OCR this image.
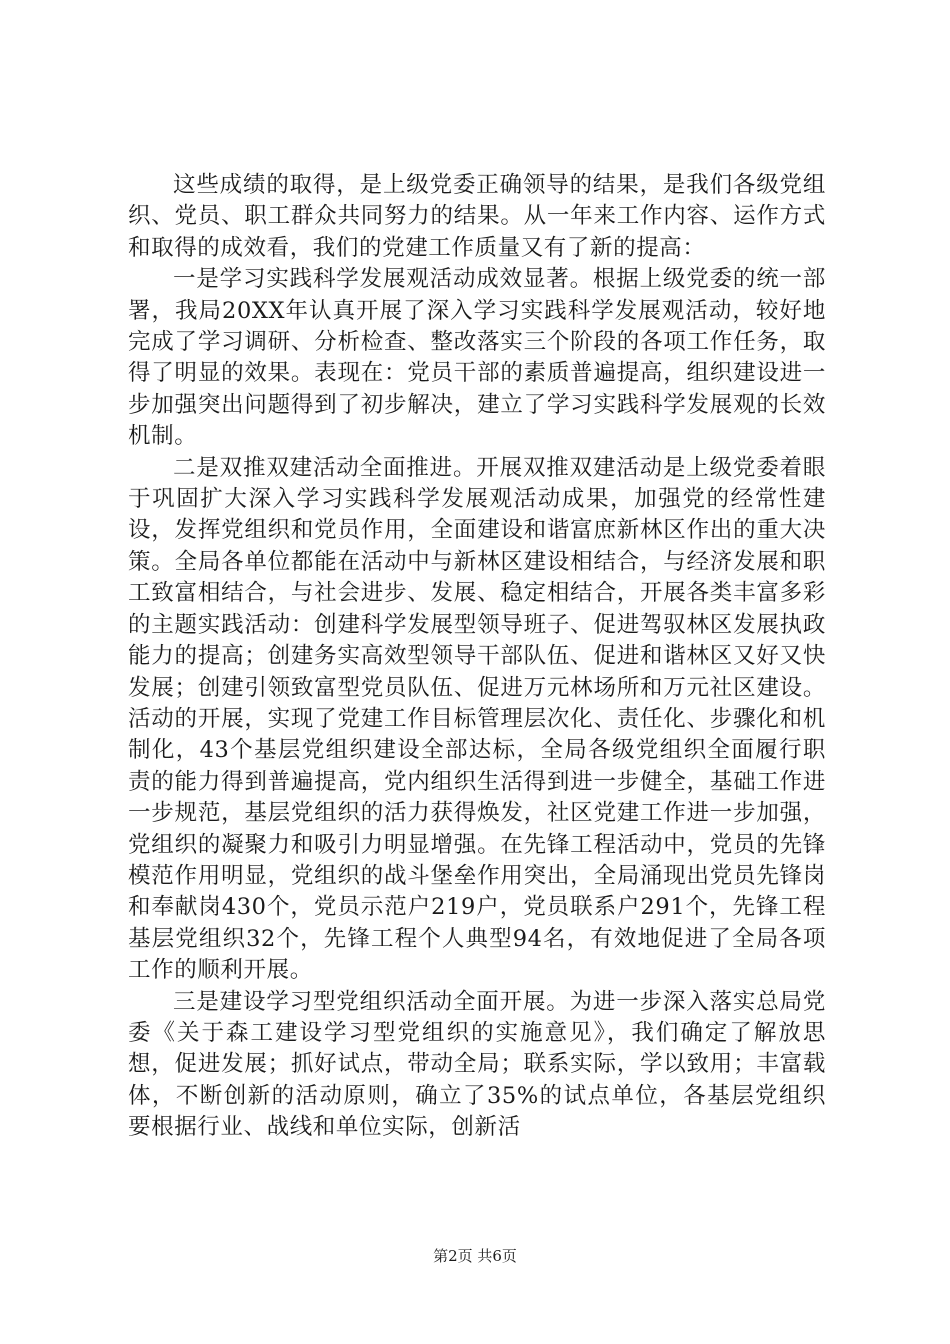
这些成绩的取得，是上级党委正确领导的结果，是我们各级党组织、党员、职工群众共同努力的结果。从一年来工作内容、运作方式和取得的成效看，我们的党建工作质量又有了新的提高：

一是学习实践科学发展观活动成效显著。根据上级党委的统一部署，我局20XX年认真开展了深入学习实践科学发展观活动，较好地完成了学习调研、分析检查、整改落实三个阶段的各项工作任务，取得了明显的效果。表现在：党员干部的素质普遍提高，组织建设进一步加强突出问题得到了初步解决，建立了学习实践科学发展观的长效机制。

二是双推双建活动全面推进。开展双推双建活动是上级党委着眼于巩固扩大深入学习实践科学发展观活动成果，加强党的经常性建设，发挥党组织和党员作用，全面建设和谐富庶新林区作出的重大决策。全局各单位都能在活动中与新林区建设相结合，与经济发展和职工致富相结合，与社会进步、发展、稳定相结合，开展各类丰富多彩的主题实践活动：创建科学发展型领导班子、促进驾驭林区发展执政能力的提高；创建务实高效型领导干部队伍、促进和谐林区又好又快发展；创建引领致富型党员队伍、促进万元林场所和万元社区建设。活动的开展，实现了党建工作目标管理层次化、责任化、步骤化和机制化，43个基层党组织建设全部达标，全局各级党组织全面履行职责的能力得到普遍提高，党内组织生活得到进一步健全，基础工作进一步规范，基层党组织的活力获得焕发，社区党建工作进一步加强，党组织的凝聚力和吸引力明显增强。在先锋工程活动中，党员的先锋模范作用明显，党组织的战斗堡垒作用突出，全局涌现出党员先锋岗和奉献岗430个，党员示范户219户，党员联系户291个，先锋工程基层党组织32个，先锋工程个人典型94名，有效地促进了全局各项工作的顺利开展。

三是建设学习型党组织活动全面开展。为进一步深入落实总局党委《关于森工建设学习型党组织的实施意见》，我们确定了解放思想，促进发展；抓好试点，带动全局；联系实际，学以致用；丰富载体，不断创新的活动原则，确立了35%的试点单位，各基层党组织要根据行业、战线和单位实际，创新活

第2页 共6页
